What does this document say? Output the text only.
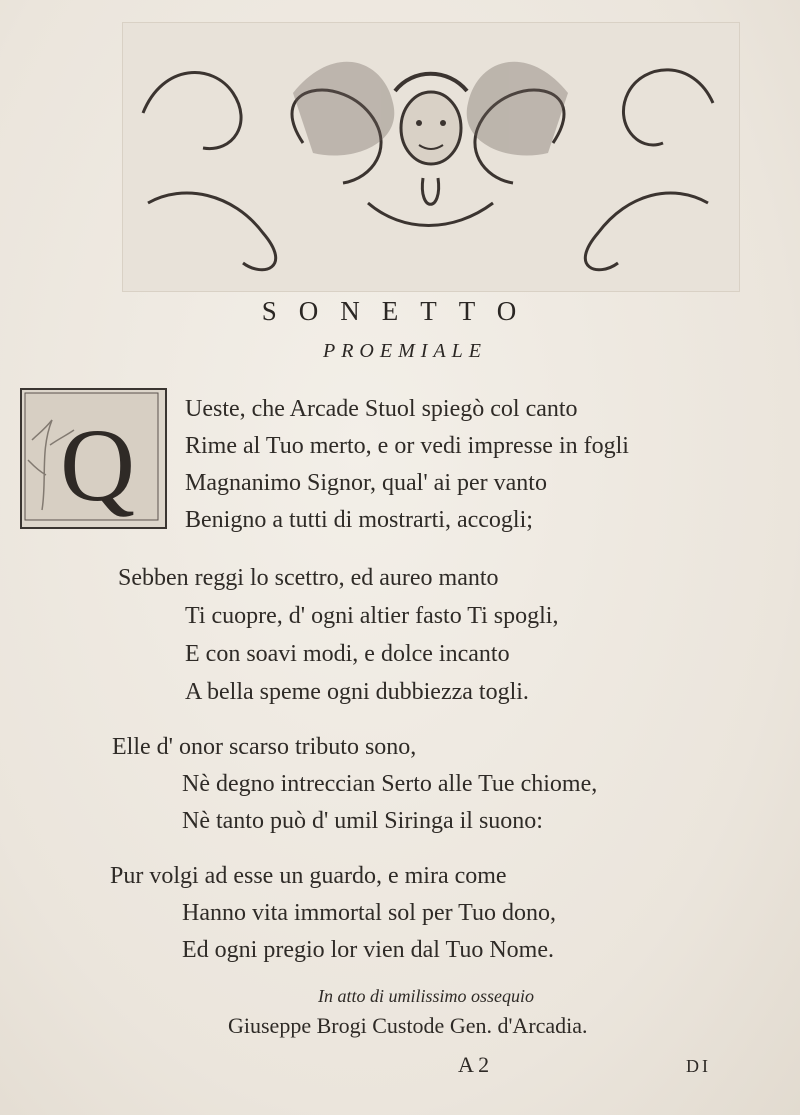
SONETTO
PROEMIALE
Q Ueste, che Arcade Stuol spiegò col canto
Rime al Tuo merto, e or vedi impresse in fogli
Magnanimo Signor, qual' ai per vanto
Benigno a tutti di mostrarti, accogli;
Sebben reggi lo scettro, ed aureo manto
Ti cuopre, d' ogni altier fasto Ti spogli,
E con soavi modi, e dolce incanto
A bella speme ogni dubbiezza togli.
Elle d' onor scarso tributo sono,
Nè degno intreccian Serto alle Tue chiome,
Nè tanto può d' umil Siringa il suono:
Pur volgi ad esse un guardo, e mira come
Hanno vita immortal sol per Tuo dono,
Ed ogni pregio lor vien dal Tuo Nome.
In atto di umilissimo ossequio
Giuseppe Brogi Custode Gen. d'Arcadia.
A 2	DI
